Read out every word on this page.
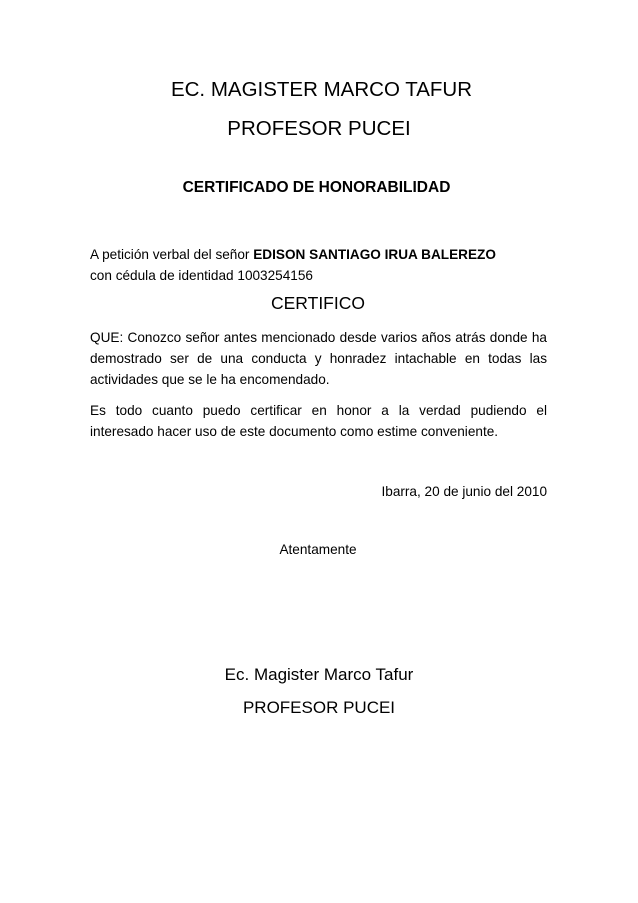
EC. MAGISTER MARCO TAFUR
PROFESOR PUCEI
CERTIFICADO DE HONORABILIDAD
A petición verbal del señor EDISON SANTIAGO IRUA BALEREZO
con cédula de identidad 1003254156
CERTIFICO
QUE: Conozco señor antes mencionado desde varios años atrás donde ha demostrado ser de una conducta y honradez intachable en todas las actividades que se le ha encomendado.
Es todo cuanto puedo certificar en honor a la verdad pudiendo el interesado hacer uso de este documento como estime conveniente.
Ibarra, 20 de junio del 2010
Atentamente
Ec. Magister Marco Tafur
PROFESOR PUCEI
